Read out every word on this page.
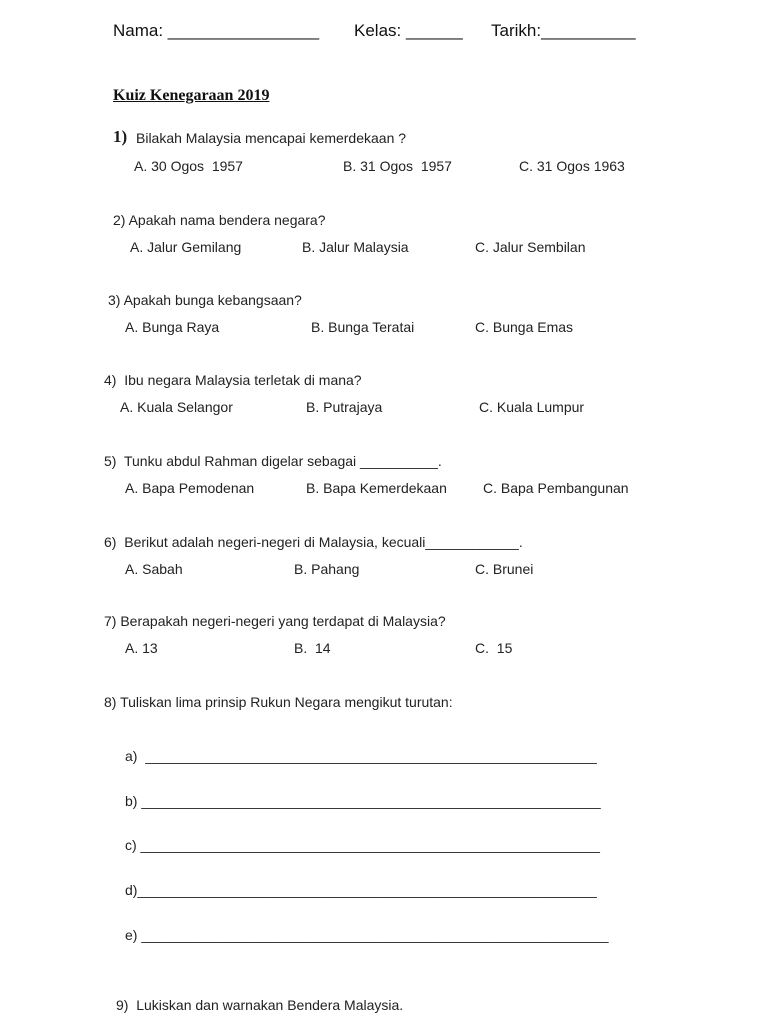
Nama: ________________ Kelas: ______ Tarikh:__________
Kuiz Kenegaraan 2019
1) Bilakah Malaysia mencapai kemerdekaan ?
A. 30 Ogos  1957	B. 31 Ogos  1957	C. 31 Ogos 1963
2) Apakah nama bendera negara?
A. Jalur Gemilang	B. Jalur Malaysia	C. Jalur Sembilan
3) Apakah bunga kebangsaan?
A. Bunga Raya	B. Bunga Teratai	C. Bunga Emas
4)  Ibu negara Malaysia terletak di mana?
A. Kuala Selangor	B. Putrajaya	C. Kuala Lumpur
5)  Tunku abdul Rahman digelar sebagai __________.
A. Bapa Pemodenan	B. Bapa Kemerdekaan	C. Bapa Pembangunan
6)  Berikut adalah negeri-negeri di Malaysia, kecuali____________.
A. Sabah	B. Pahang	C. Brunei
7) Berapakah negeri-negeri yang terdapat di Malaysia?
A. 13	B.  14	C.  15
8) Tuliskan lima prinsip Rukun Negara mengikut turutan:
a)  __________________________________________________________
b) ___________________________________________________________
c) ___________________________________________________________
d)___________________________________________________________
e) ____________________________________________________________
9)  Lukiskan dan warnakan Bendera Malaysia.
